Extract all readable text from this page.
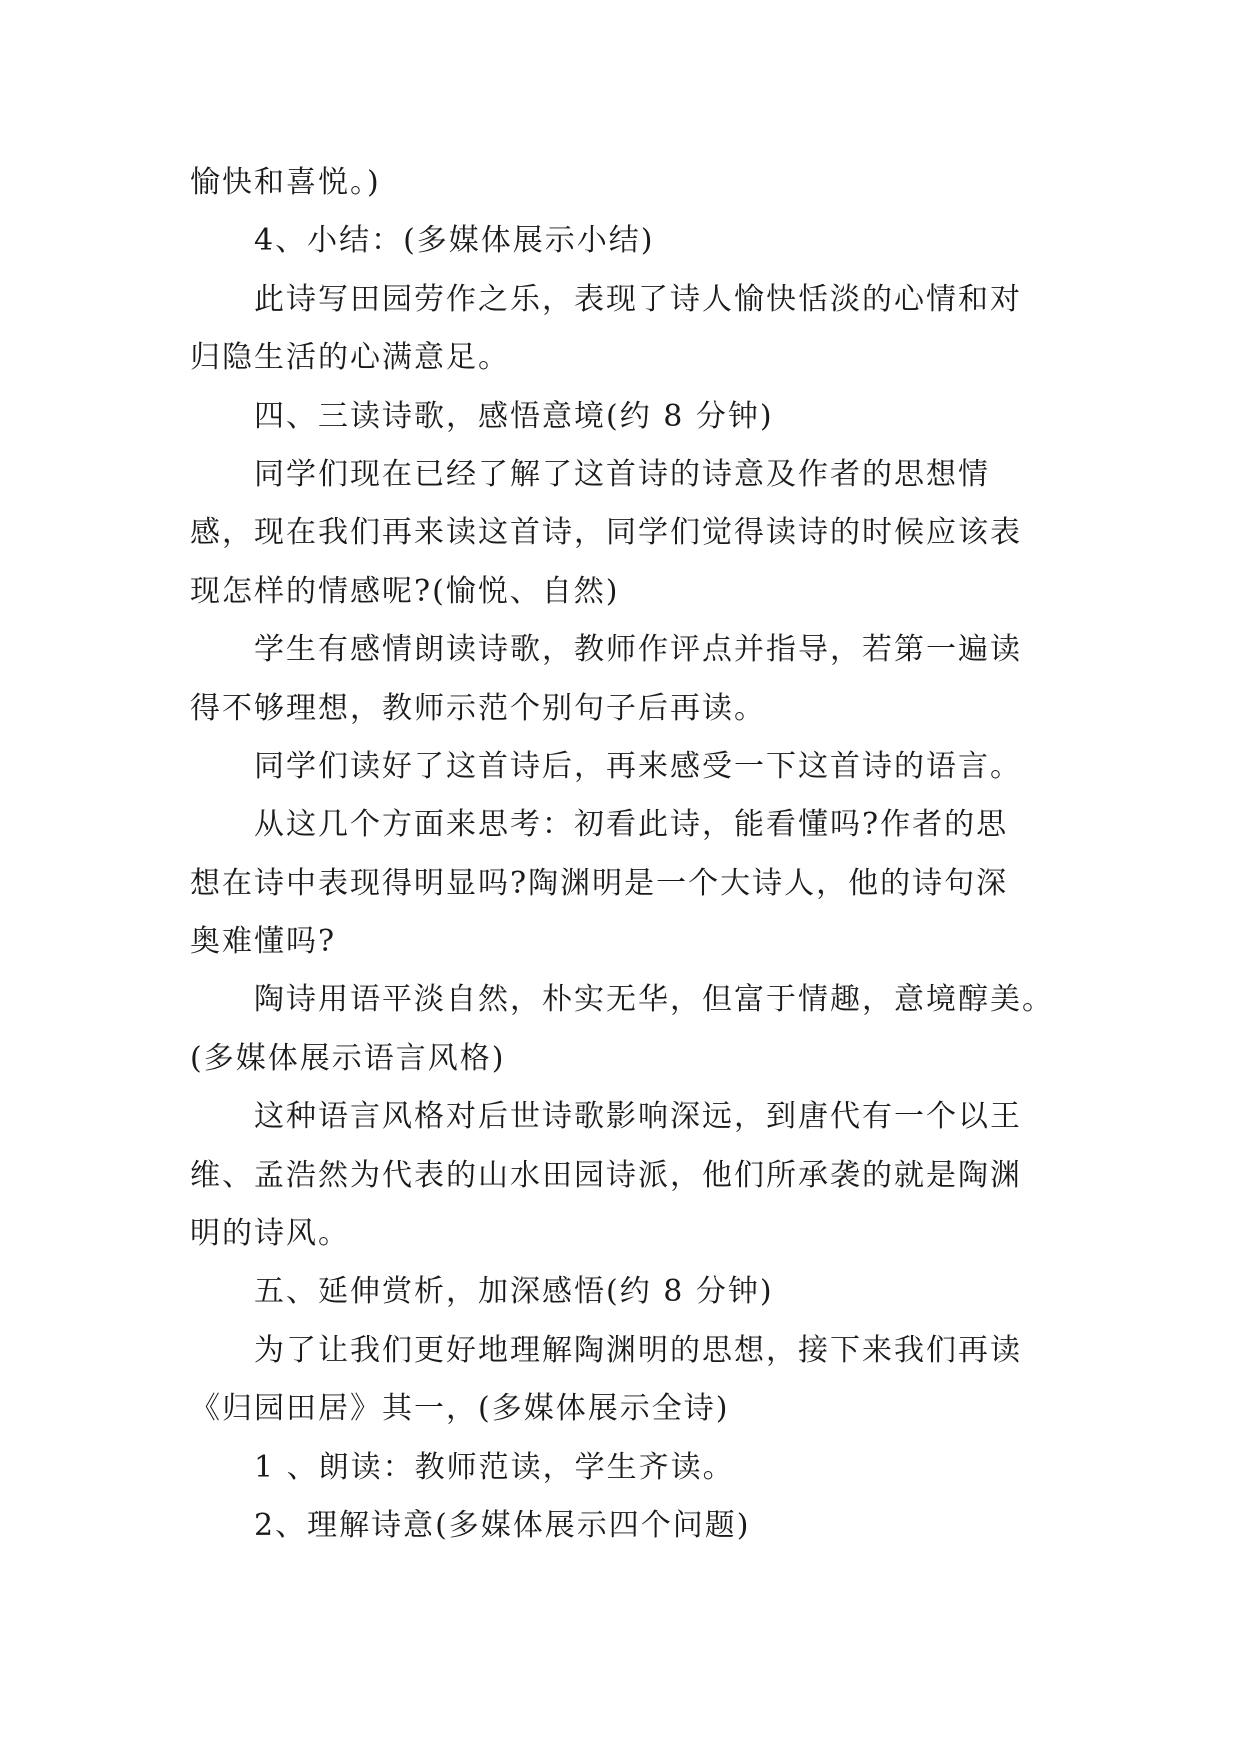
愉快和喜悦。)
4、小结：(多媒体展示小结)
此诗写田园劳作之乐，表现了诗人愉快恬淡的心情和对
归隐生活的心满意足。
四、三读诗歌，感悟意境(约 8 分钟)
同学们现在已经了解了这首诗的诗意及作者的思想情
感，现在我们再来读这首诗，同学们觉得读诗的时候应该表
现怎样的情感呢?(愉悦、自然)
学生有感情朗读诗歌，教师作评点并指导，若第一遍读
得不够理想，教师示范个别句子后再读。
同学们读好了这首诗后，再来感受一下这首诗的语言。
从这几个方面来思考：初看此诗，能看懂吗?作者的思
想在诗中表现得明显吗?陶渊明是一个大诗人，他的诗句深
奥难懂吗?
陶诗用语平淡自然，朴实无华，但富于情趣，意境醇美。
(多媒体展示语言风格)
这种语言风格对后世诗歌影响深远，到唐代有一个以王
维、孟浩然为代表的山水田园诗派，他们所承袭的就是陶渊
明的诗风。
五、延伸赏析，加深感悟(约 8 分钟)
为了让我们更好地理解陶渊明的思想，接下来我们再读
《归园田居》其一，(多媒体展示全诗)
1 、朗读：教师范读，学生齐读。
2、理解诗意(多媒体展示四个问题)
